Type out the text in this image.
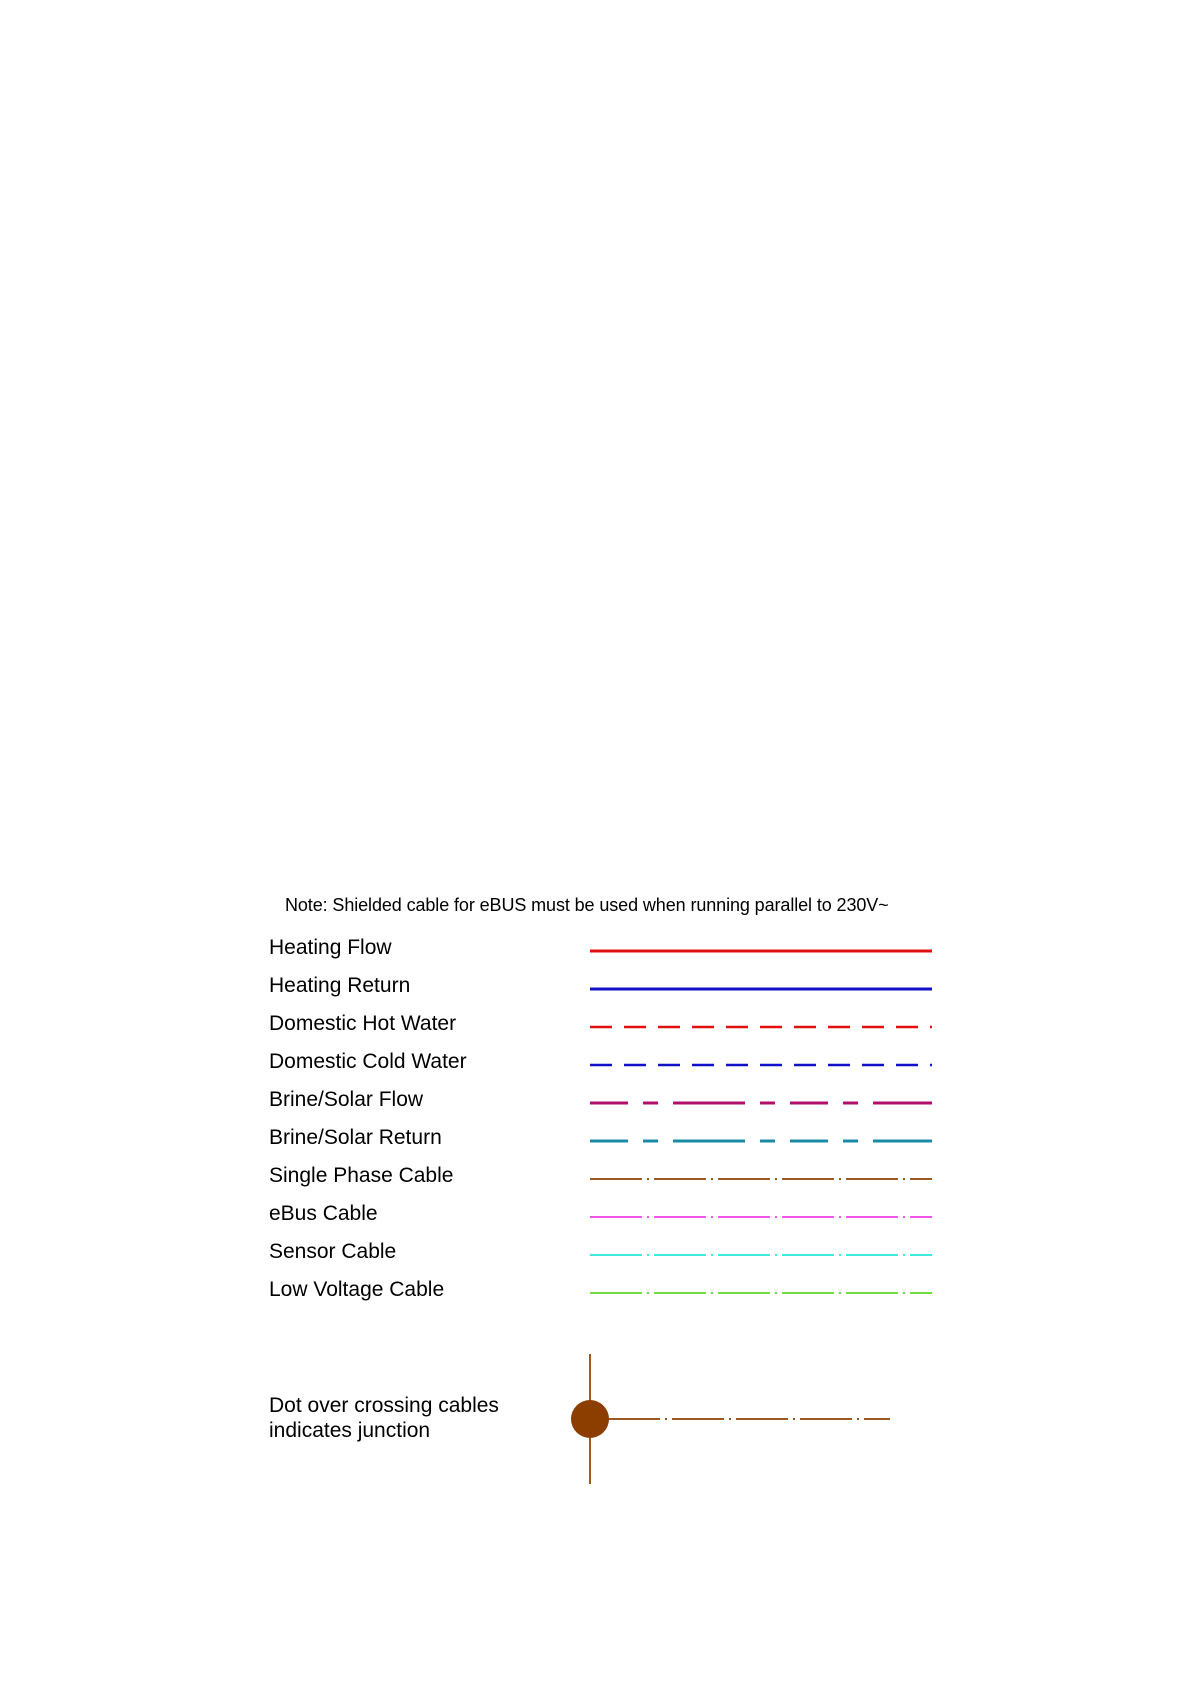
Note: Shielded cable for eBUS must be used when running parallel to 230V~
Heating Flow
Heating Return
Domestic Hot Water
Domestic Cold Water
Brine/Solar Flow
Brine/Solar Return
Single Phase Cable
eBus Cable
Sensor Cable
Low Voltage Cable
Dot over crossing cables
indicates junction
